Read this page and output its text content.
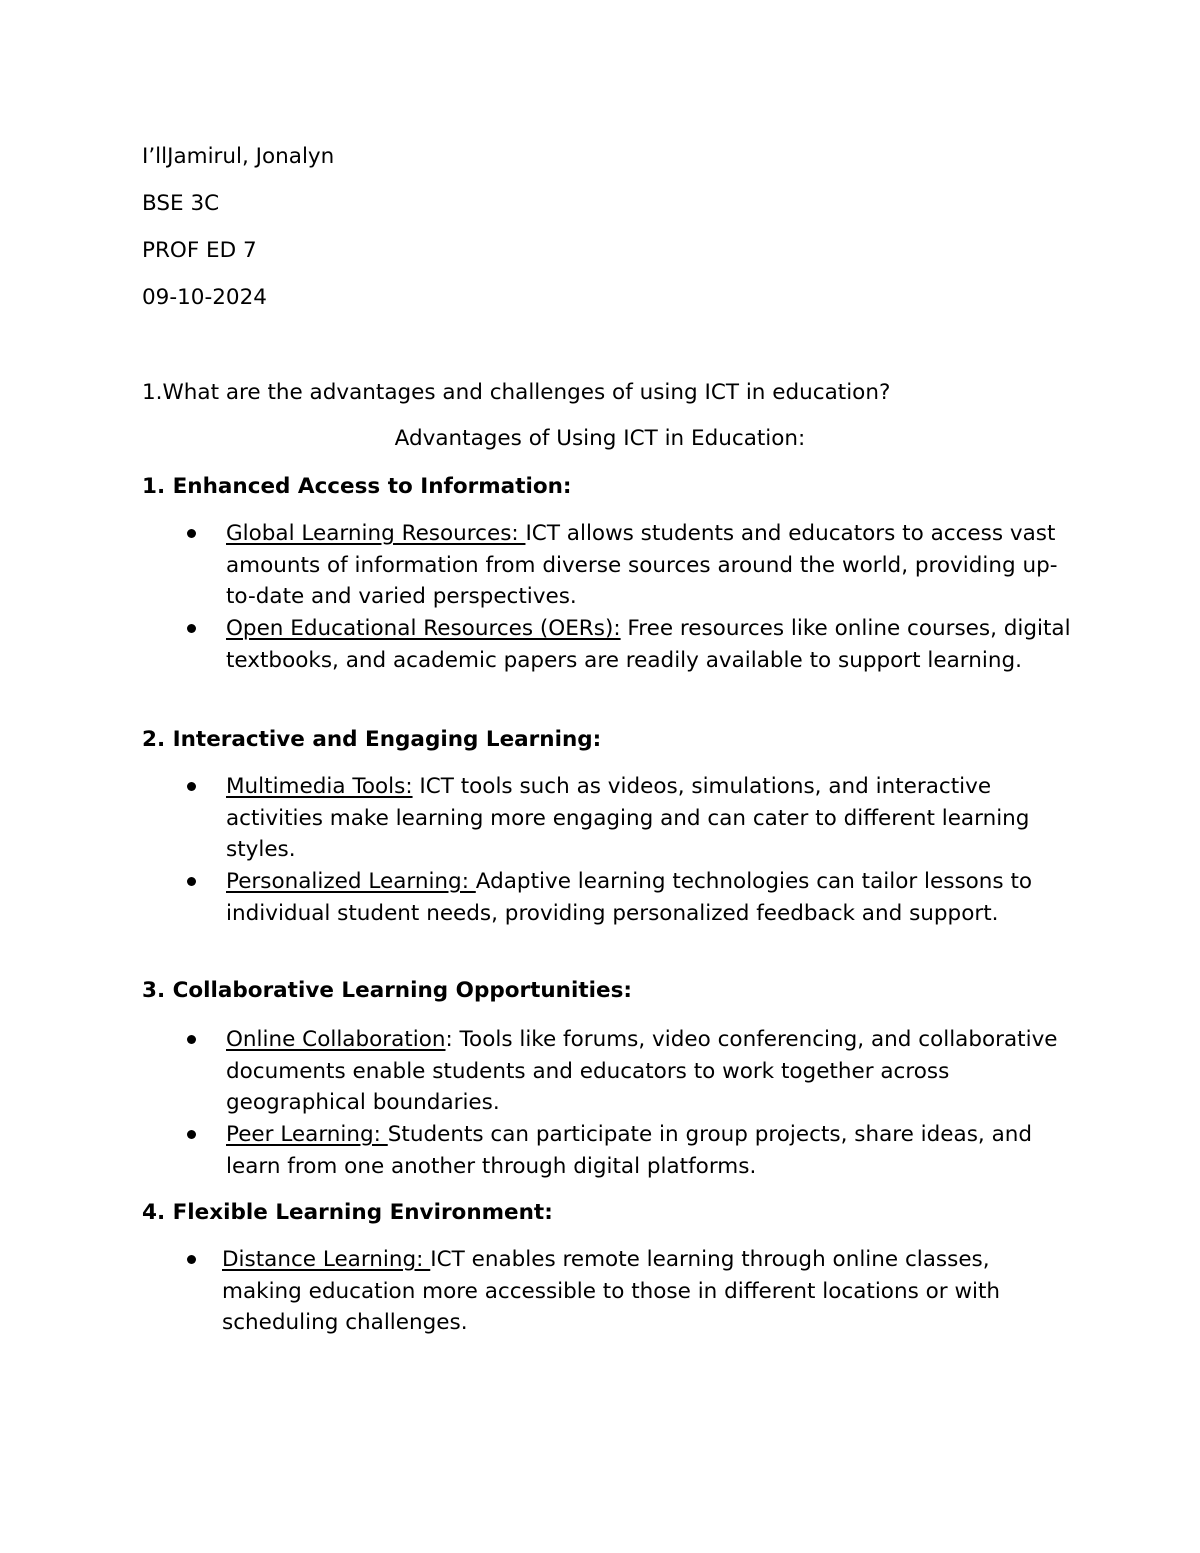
I’llJamirul, Jonalyn
BSE 3C
PROF ED 7
09-10-2024
1.What are the advantages and challenges of using ICT in education?
Advantages of Using ICT in Education:
1. Enhanced Access to Information:
Global Learning Resources: ICT allows students and educators to access vast amounts of information from diverse sources around the world, providing up-to-date and varied perspectives.
Open Educational Resources (OERs): Free resources like online courses, digital textbooks, and academic papers are readily available to support learning.
2. Interactive and Engaging Learning:
Multimedia Tools: ICT tools such as videos, simulations, and interactive activities make learning more engaging and can cater to different learning styles.
Personalized Learning: Adaptive learning technologies can tailor lessons to individual student needs, providing personalized feedback and support.
3. Collaborative Learning Opportunities:
Online Collaboration: Tools like forums, video conferencing, and collaborative documents enable students and educators to work together across geographical boundaries.
Peer Learning: Students can participate in group projects, share ideas, and learn from one another through digital platforms.
4. Flexible Learning Environment:
Distance Learning: ICT enables remote learning through online classes, making education more accessible to those in different locations or with scheduling challenges.
